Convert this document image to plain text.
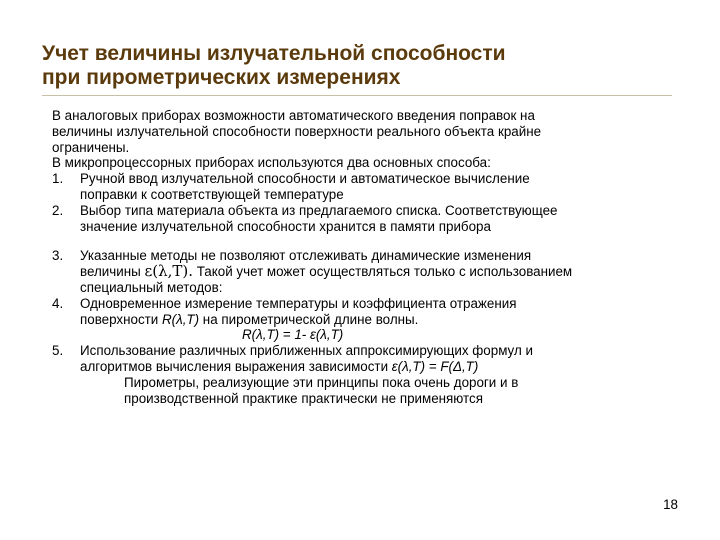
Учет величины излучательной способности
при пирометрических измерениях

В аналоговых приборах возможности автоматического введения поправок на
величины излучательной способности поверхности реального объекта крайне
ограничены.

В микропроцессорных приборах используются два основных способа:

1.	Ручной ввод излучательной способности и автоматическое вычисление
поправки к соответствующей температуре
2.	Выбор типа материала объекта из предлагаемого списка. Соответствующее
значение излучательной способности хранится в памяти прибора
3.	Указанные методы не позволяют отслеживать динамические изменения
величины ε(λ,T). Такой учет может осуществляться только с использованием
специальный методов:
4.	Одновременное измерение температуры и коэффициента отражения
поверхности R(λ,T) на пирометрической длине волны.
R(λ,T) = 1- ε(λ,T)
5.	Использование различных приближенных аппроксимирующих формул и
алгоритмов вычисления выражения зависимости ε(λ,T) = F(Δ,T)
Пирометры, реализующие эти принципы пока очень дороги и в
производственной практике практически не применяются
18
